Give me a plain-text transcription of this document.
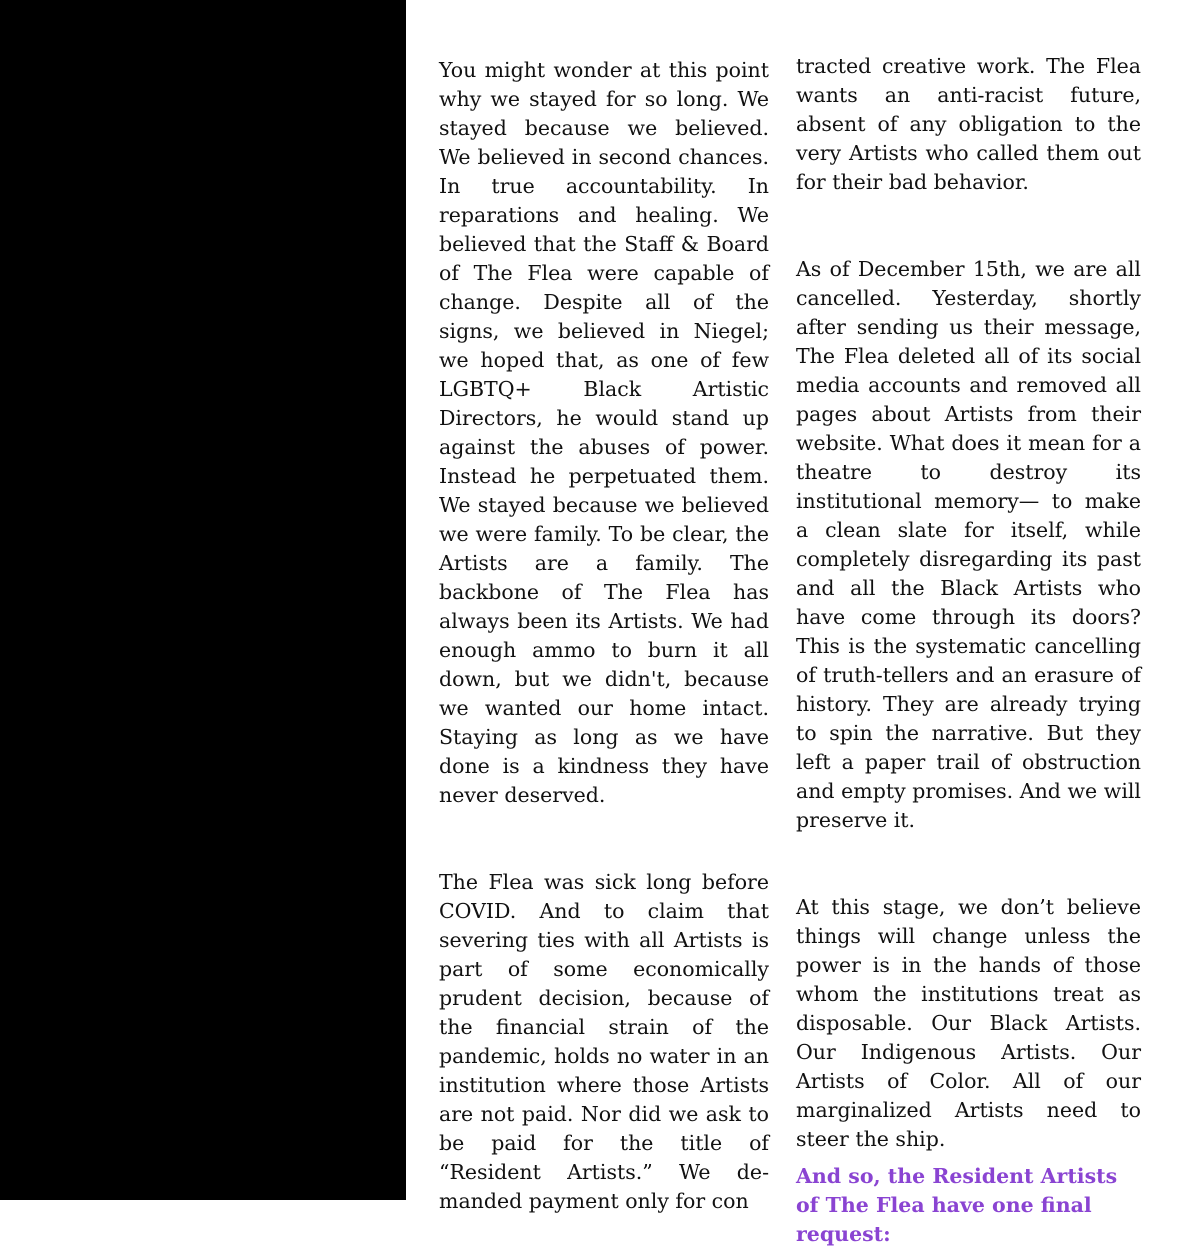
You might wonder at this point why we stayed for so long. We stayed because we believed. We believed in second chances. In true accountability. In reparations and healing. We believed that the Staff & Board of The Flea were capable of change. Despite all of the signs, we believed in Niegel; we hoped that, as one of few LGBTQ+ Black Artistic Directors, he would stand up against the abuses of power. Instead he perpetuated them. We stayed because we believed we were family. To be clear, the Artists are a family. The backbone of The Flea has always been its Artists. We had enough ammo to burn it all down, but we didn't, because we wanted our home intact. Staying as long as we have done is a kindness they have never deserved.

The Flea was sick long before COVID. And to claim that severing ties with all Artists is part of some economically prudent decision, because of the financial strain of the pandemic, holds no water in an institution where those Artists are not paid. Nor did we ask to be paid for the title of “Resident Artists.” We demanded payment only for con

tracted creative work. The Flea wants an anti-racist future, absent of any obligation to the very Artists who called them out for their bad behavior.

As of December 15th, we are all cancelled. Yesterday, shortly after sending us their message, The Flea deleted all of its social media accounts and removed all pages about Artists from their website. What does it mean for a theatre to destroy its institutional memory— to make a clean slate for itself, while completely disregarding its past and all the Black Artists who have come through its doors? This is the systematic cancelling of truth-tellers and an erasure of history. They are already trying to spin the narrative. But they left a paper trail of obstruction and empty promises. And we will preserve it.

At this stage, we don’t believe things will change unless the power is in the hands of those whom the institutions treat as disposable. Our Black Artists. Our Indigenous Artists. Our Artists of Color. All of our marginalized Artists need to steer the ship.

And so, the Resident Artists of The Flea have one final request:
